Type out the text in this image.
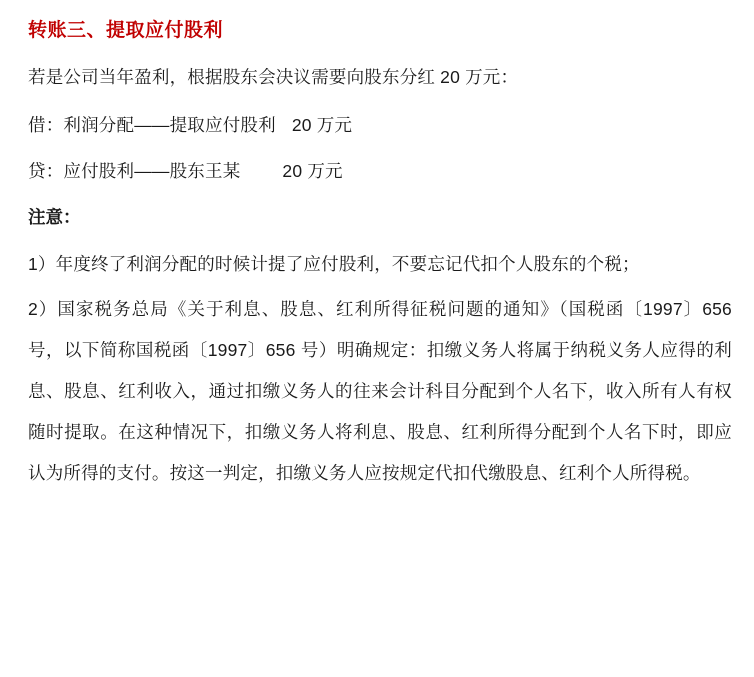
转账三、提取应付股利

若是公司当年盈利，根据股东会决议需要向股东分红 20 万元：

借：利润分配——提取应付股利 20 万元

贷：应付股利——股东王某 20 万元

注意：

1）年度终了利润分配的时候计提了应付股利，不要忘记代扣个人股东的个税；

2）国家税务总局《关于利息、股息、红利所得征税问题的通知》（国税函〔1997〕656 号，以下简称国税函〔1997〕656 号）明确规定：扣缴义务人将属于纳税义务人应得的利息、股息、红利收入，通过扣缴义务人的往来会计科目分配到个人名下，收入所有人有权随时提取。在这种情况下，扣缴义务人将利息、股息、红利所得分配到个人名下时，即应认为所得的支付。按这一判定，扣缴义务人应按规定代扣代缴股息、红利个人所得税。
